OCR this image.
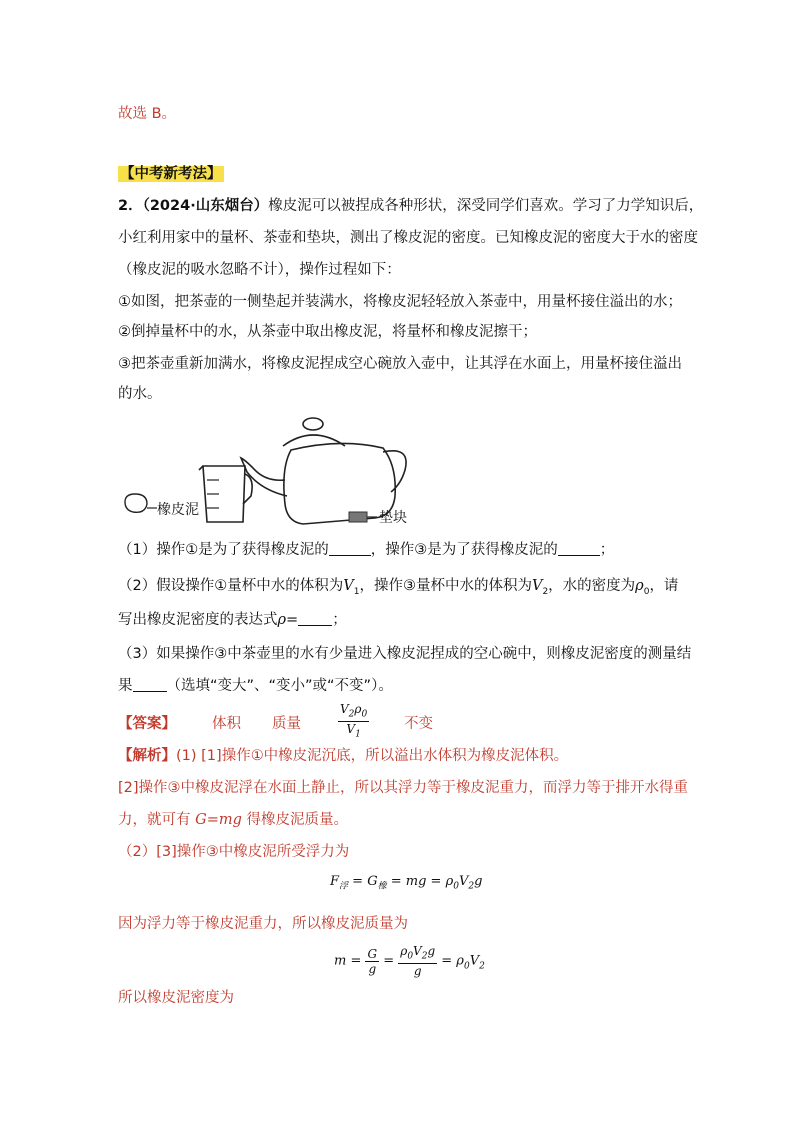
故选 B。
【中考新考法】
2．（2024·山东烟台）橡皮泥可以被捏成各种形状，深受同学们喜欢。学习了力学知识后，
小红利用家中的量杯、茶壶和垫块，测出了橡皮泥的密度。已知橡皮泥的密度大于水的密度
（橡皮泥的吸水忽略不计），操作过程如下：
①如图，把茶壶的一侧垫起并装满水，将橡皮泥轻轻放入茶壶中，用量杯接住溢出的水；
②倒掉量杯中的水，从茶壶中取出橡皮泥，将量杯和橡皮泥擦干；
③把茶壶重新加满水，将橡皮泥捏成空心碗放入壶中，让其浮在水面上，用量杯接住溢出
的水。
橡皮泥	垫块
（1）操作①是为了获得橡皮泥的	，操作③是为了获得橡皮泥的	；
（2）假设操作①量杯中水的体积为$V_1$，操作③量杯中水的体积为$V_2$，水的密度为$\rho_0$，请
写出橡皮泥密度的表达式ρ= ；
（3）如果操作③中茶壶里的水有少量进入橡皮泥捏成的空心碗中，则橡皮泥密度的测量结
果 （选填“变大”、“变小”或“不变”）。
【答案】 体积 质量	$\frac{V_2\rho_0}{V_1}$ 不变
【解析】(1) [1]操作①中橡皮泥沉底，所以溢出水体积为橡皮泥体积。
[2]操作③中橡皮泥浮在水面上静止，所以其浮力等于橡皮泥重力，而浮力等于排开水得重
力，就可有 G=mg 得橡皮泥质量。
（2）[3]操作③中橡皮泥所受浮力为
$F_浮 = G_橡$ = mg = $\rho_0V_2g$
因为浮力等于橡皮泥重力，所以橡皮泥质量为
$m = \frac{G}{g} = \frac{\rho_0V_2g}{g} = \rho_0V_2$
所以橡皮泥密度为
